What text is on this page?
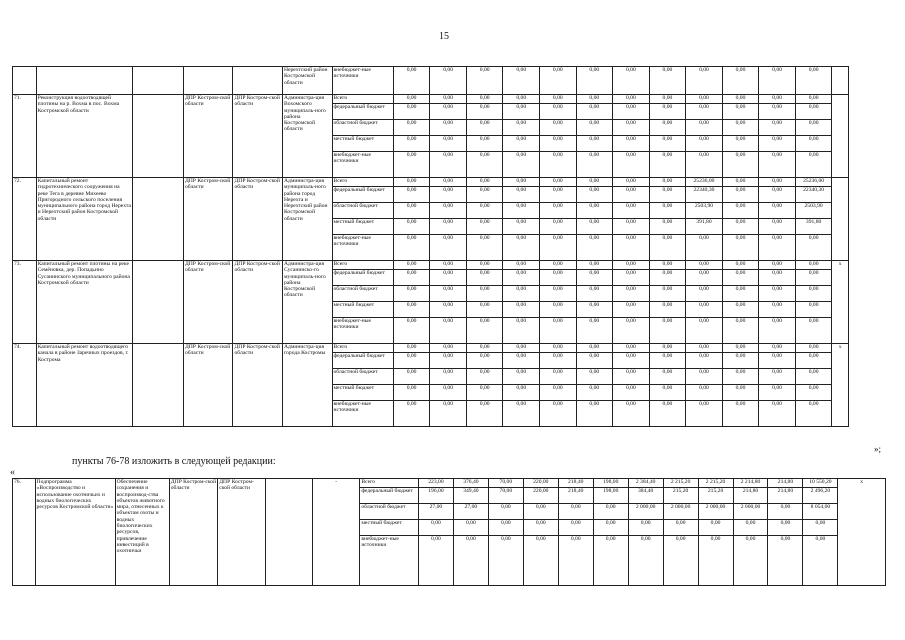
15
					Нерехтский район Костромской области	внебюджет-ные источники	0,00	0,00	0,00	0,00	0,00	0,00	0,00	0,00	0,00	0,00	0,00	0,00	
71.	Реконструкция водоотводящей плотины на р. Вохма в пос. Вохма Костромской области		ДПР Костром-ской области	ДПР Костром-ской области	Администра-ция Вохомского муниципаль-ного района Костромской области	Всего	0,00	0,00	0,00	0,00	0,00	0,00	0,00	0,00	0,00	0,00	0,00	0,00	
						федеральный бюджет	0,00	0,00	0,00	0,00	0,00	0,00	0,00	0,00	0,00	0,00	0,00	0,00	
						областной бюджет	0,00	0,00	0,00	0,00	0,00	0,00	0,00	0,00	0,00	0,00	0,00	0,00	
						местный бюджет	0,00	0,00	0,00	0,00	0,00	0,00	0,00	0,00	0,00	0,00	0,00	0,00	
						внебюджет-ные источники	0,00	0,00	0,00	0,00	0,00	0,00	0,00	0,00	0,00	0,00	0,00	0,00	
72.	Капитальный ремонт гидротехнического сооружения на реке Тега в деревне Михеево Пригородного сельского поселения муниципального района город Нерехта и Нерехтский район Костромской области		ДПР Костром-ской области	ДПР Костром-ской области	Администра-ция муниципаль-ного района город Нерехта и Нерехтский район Костромской области	Всего	0,00	0,00	0,00	0,00	0,00	0,00	0,00	0,00	25236,00	0,00	0,00	25236,00	
						федеральный бюджет	0,00	0,00	0,00	0,00	0,00	0,00	0,00	0,00	22340,30	0,00	0,00	22340,30	
						областной бюджет	0,00	0,00	0,00	0,00	0,00	0,00	0,00	0,00	2503,90	0,00	0,00	2503,90	
						местный бюджет	0,00	0,00	0,00	0,00	0,00	0,00	0,00	0,00	391,80	0,00	0,00	391,80	
						внебюджет-ные источники	0,00	0,00	0,00	0,00	0,00	0,00	0,00	0,00	0,00	0,00	0,00	0,00	
73.	Капитальный ремонт плотины на реке Семёновка, дер. Попадьино Сусанинского муниципального района Костромской области		ДПР Костром-ской области	ДПР Костром-ской области	Администра-ция Сусанинско-го муниципаль-ного района Костромской области	Всего	0,00	0,00	0,00	0,00	0,00	0,00	0,00	0,00	0,00	0,00	0,00	0,00	x
						федеральный бюджет	0,00	0,00	0,00	0,00	0,00	0,00	0,00	0,00	0,00	0,00	0,00	0,00	
						областной бюджет	0,00	0,00	0,00	0,00	0,00	0,00	0,00	0,00	0,00	0,00	0,00	0,00	
						местный бюджет	0,00	0,00	0,00	0,00	0,00	0,00	0,00	0,00	0,00	0,00	0,00	0,00	
						внебюджет-ные источники	0,00	0,00	0,00	0,00	0,00	0,00	0,00	0,00	0,00	0,00	0,00	0,00	
74.	Капитальный ремонт водоотводящего канала в районе Заречных проездов, г. Кострома		ДПР Костром-ской области	ДПР Костром-ской области	Администра-ция города Костромы	Всего	0,00	0,00	0,00	0,00	0,00	0,00	0,00	0,00	0,00	0,00	0,00	0,00	x
						федеральный бюджет	0,00	0,00	0,00	0,00	0,00	0,00	0,00	0,00	0,00	0,00	0,00	0,00	
						областной бюджет	0,00	0,00	0,00	0,00	0,00	0,00	0,00	0,00	0,00	0,00	0,00	0,00	
						местный бюджет	0,00	0,00	0,00	0,00	0,00	0,00	0,00	0,00	0,00	0,00	0,00	0,00	
						внебюджет-ные источники	0,00	0,00	0,00	0,00	0,00	0,00	0,00	0,00	0,00	0,00	0,00	0,00	
»;
пункты 76-78 изложить в следующей редакции:
«
76.	Подпрограмма «Воспроизводство и использование охотничьих и водных биологических ресурсов Костромской области»	Обеспечение сохранения и воспроизвод-ства объектов животного мира, отнесенных к объектам охоты и водных биологических ресурсов, привлечение инвестиций в охотничьи	ДПР Костром-ской области	ДПР Костром-ской области		-	Всего	223,00	376,40	70,00	220,00	218,40	198,00	2 384,40	2 215,20	2 215,20	2 214,80	214,80	10 550,20	x
							федеральный бюджет	196,00	349,40	70,00	220,00	218,40	198,00	384,40	215,20	215,20	214,80	214,80	2 496,20	
							областной бюджет	27,00	27,00	0,00	0,00	0,00	0,00	2 000,00	2 000,00	2 000,00	2 000,00	0,00	8 054,00	
							местный бюджет	0,00	0,00	0,00	0,00	0,00	0,00	0,00	0,00	0,00	0,00	0,00	0,00	
							внебюджет-ные источники	0,00	0,00	0,00	0,00	0,00	0,00	0,00	0,00	0,00	0,00	0,00	0,00	
